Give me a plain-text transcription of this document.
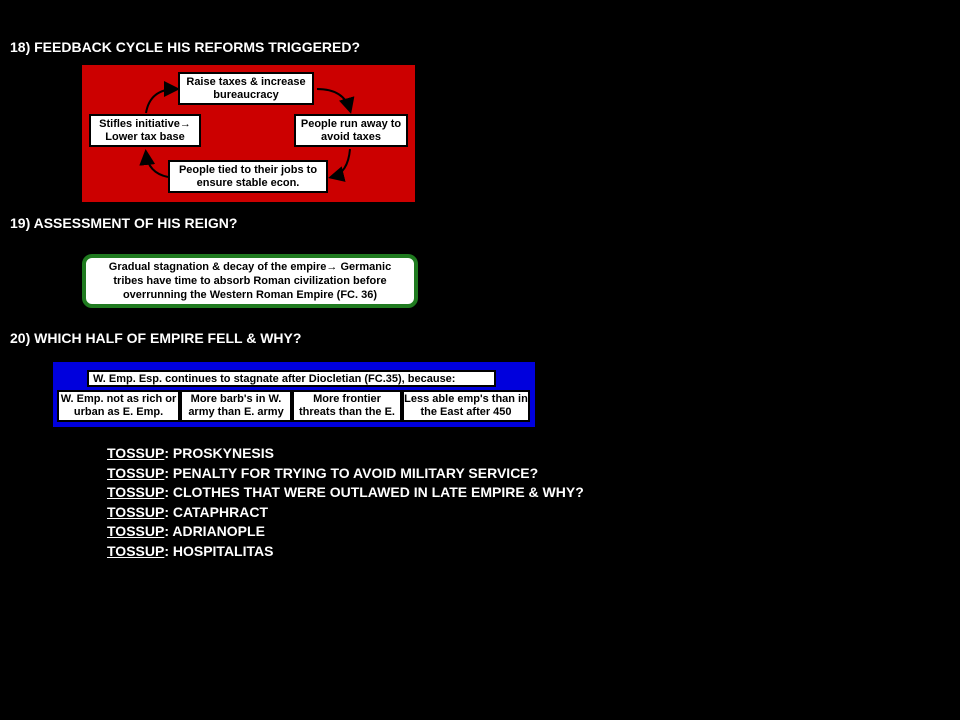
18) FEEDBACK CYCLE HIS REFORMS TRIGGERED?
Raise taxes & increase bureaucracy
People run away to avoid taxes
People tied to their jobs to ensure stable econ.
Stifles initiative→
Lower tax base
19) ASSESSMENT OF HIS REIGN?
Gradual stagnation & decay of the empire→ Germanic
tribes have time to absorb Roman civilization before
overrunning the Western Roman Empire (FC. 36)
20) WHICH HALF OF EMPIRE FELL & WHY?
W. Emp. Esp. continues to stagnate after Diocletian (FC.35), because:
W. Emp. not as rich or urban as E. Emp.
More barb's in W. army than E. army
More frontier threats than the E.
Less able emp's than in the East after 450
TOSSUP: PROSKYNESIS
TOSSUP: PENALTY FOR TRYING TO AVOID MILITARY SERVICE?
TOSSUP: CLOTHES THAT WERE OUTLAWED IN LATE EMPIRE & WHY?
TOSSUP: CATAPHRACT
TOSSUP: ADRIANOPLE
TOSSUP: HOSPITALITAS
